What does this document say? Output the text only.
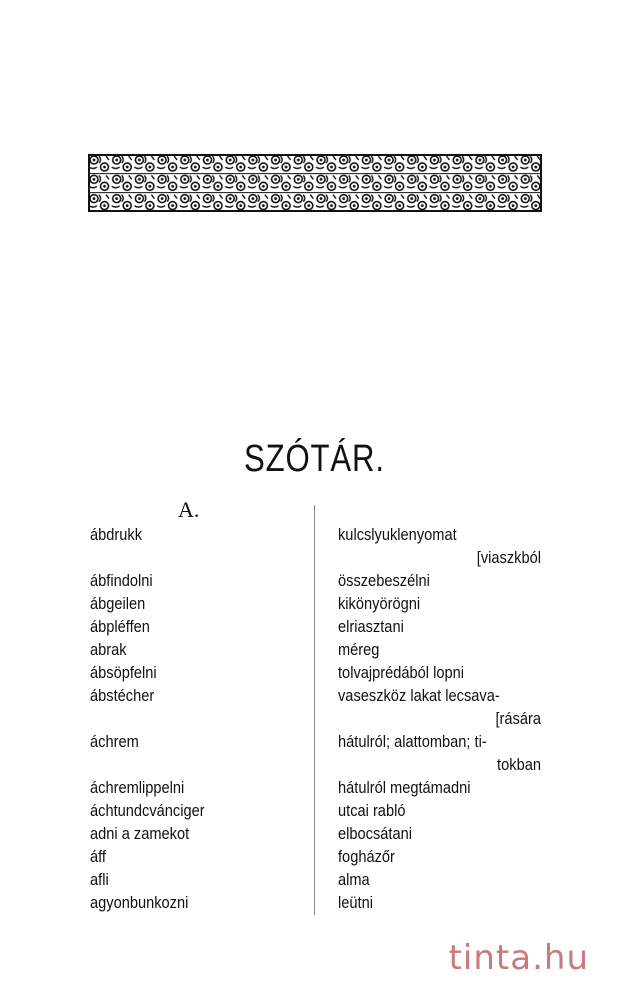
SZÓTÁR.
A.
ábdrukk
ábfindolni
ábgeilen
ábpléffen
abrak
ábsöpfelni
ábstécher
áchrem
áchremlippelni
áchtundcvánciger
adni a zamekot
áff
afli
agyonbunkozni
kulcslyuklenyomat
[viaszkból
összebeszélni
kikönyörögni
elriasztani
méreg
tolvajprédából lopni
vaseszköz lakat lecsava-
[rására
hátulról; alattomban; ti-
tokban
hátulról megtámadni
utcai rabló
elbocsátani
fogházőr
alma
leütni
tinta.hu
